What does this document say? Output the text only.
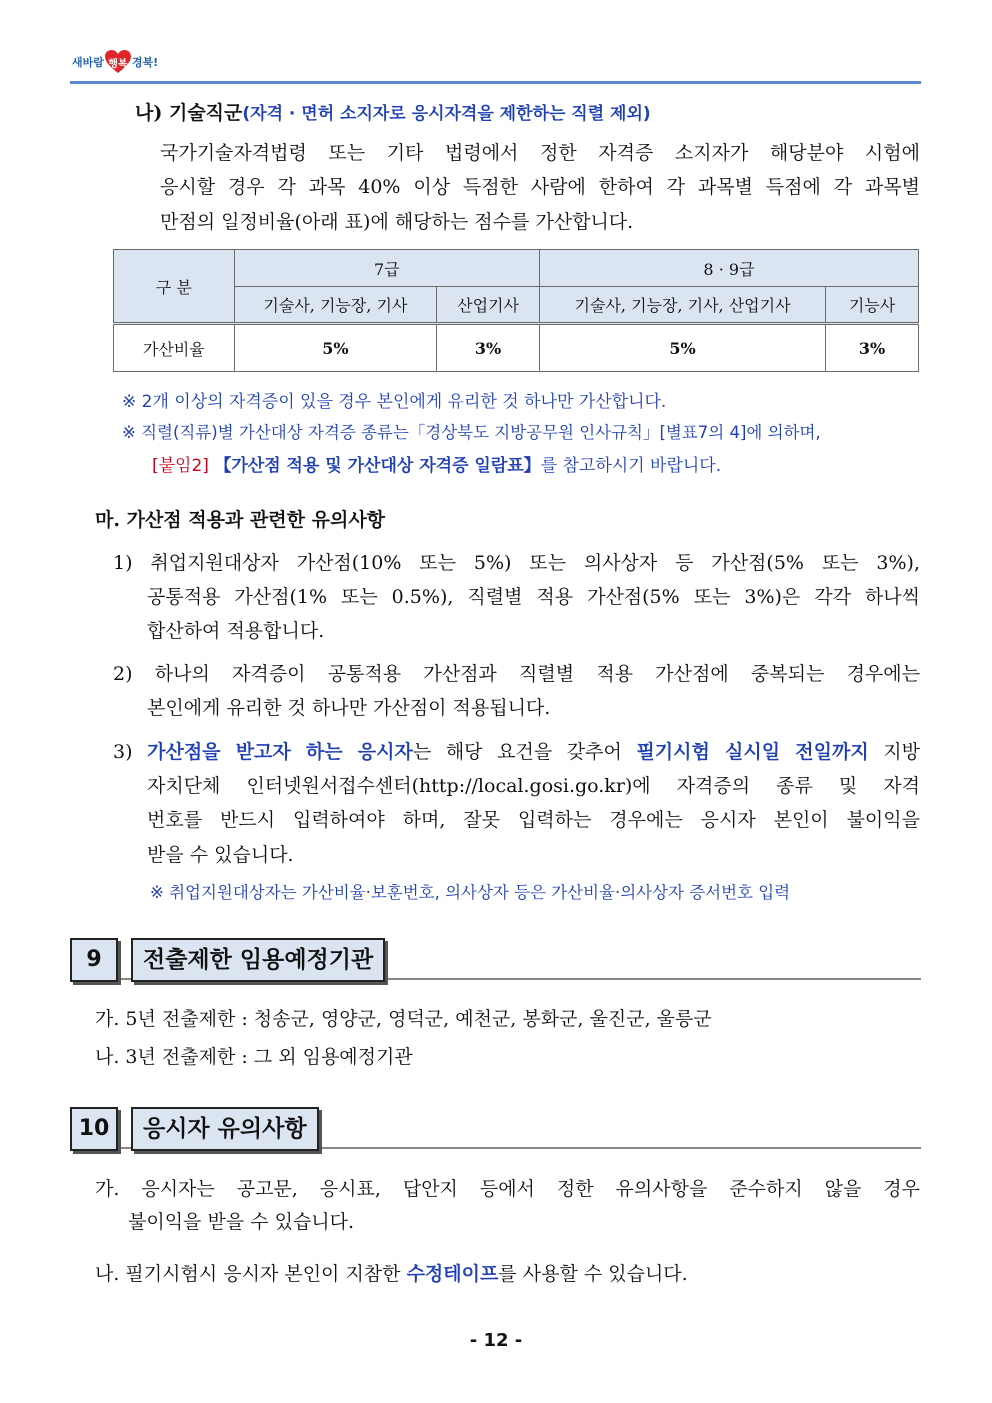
새바람 행복 경북!
나) 기술직군(자격 · 면허 소지자로 응시자격을 제한하는 직렬 제외)
국가기술자격법령 또는 기타 법령에서 정한 자격증 소지자가 해당분야 시험에
응시할 경우 각 과목 40% 이상 득점한 사람에 한하여 각 과목별 득점에 각 과목별
만점의 일정비율(아래 표)에 해당하는 점수를 가산합니다.
구 분	7급		8 · 9급	
	기술사, 기능장, 기사	산업기사	기술사, 기능장, 기사, 산업기사	기능사
가산비율	5%	3%	5%	3%
※ 2개 이상의 자격증이 있을 경우 본인에게 유리한 것 하나만 가산합니다.
※ 직렬(직류)별 가산대상 자격증 종류는「경상북도 지방공무원 인사규칙」[별표7의 4]에 의하며,
[붙임2] 【가산점 적용 및 가산대상 자격증 일람표】를 참고하시기 바랍니다.
마. 가산점 적용과 관련한 유의사항
1) 취업지원대상자 가산점(10% 또는 5%) 또는 의사상자 등 가산점(5% 또는 3%),
공통적용 가산점(1% 또는 0.5%), 직렬별 적용 가산점(5% 또는 3%)은 각각 하나씩
합산하여 적용합니다.
2) 하나의 자격증이 공통적용 가산점과 직렬별 적용 가산점에 중복되는 경우에는
본인에게 유리한 것 하나만 가산점이 적용됩니다.
3) 가산점을 받고자 하는 응시자는 해당 요건을 갖추어 필기시험 실시일 전일까지 지방
자치단체 인터넷원서접수센터(http://local.gosi.go.kr)에 자격증의 종류 및 자격
번호를 반드시 입력하여야 하며, 잘못 입력하는 경우에는 응시자 본인이 불이익을
받을 수 있습니다.
※ 취업지원대상자는 가산비율·보훈번호, 의사상자 등은 가산비율·의사상자 증서번호 입력
9	전출제한 임용예정기관
가. 5년 전출제한 : 청송군, 영양군, 영덕군, 예천군, 봉화군, 울진군, 울릉군
나. 3년 전출제한 : 그 외 임용예정기관
10	응시자 유의사항
가. 응시자는 공고문, 응시표, 답안지 등에서 정한 유의사항을 준수하지 않을 경우
불이익을 받을 수 있습니다.
나. 필기시험시 응시자 본인이 지참한 수정테이프를 사용할 수 있습니다.
- 12 -
